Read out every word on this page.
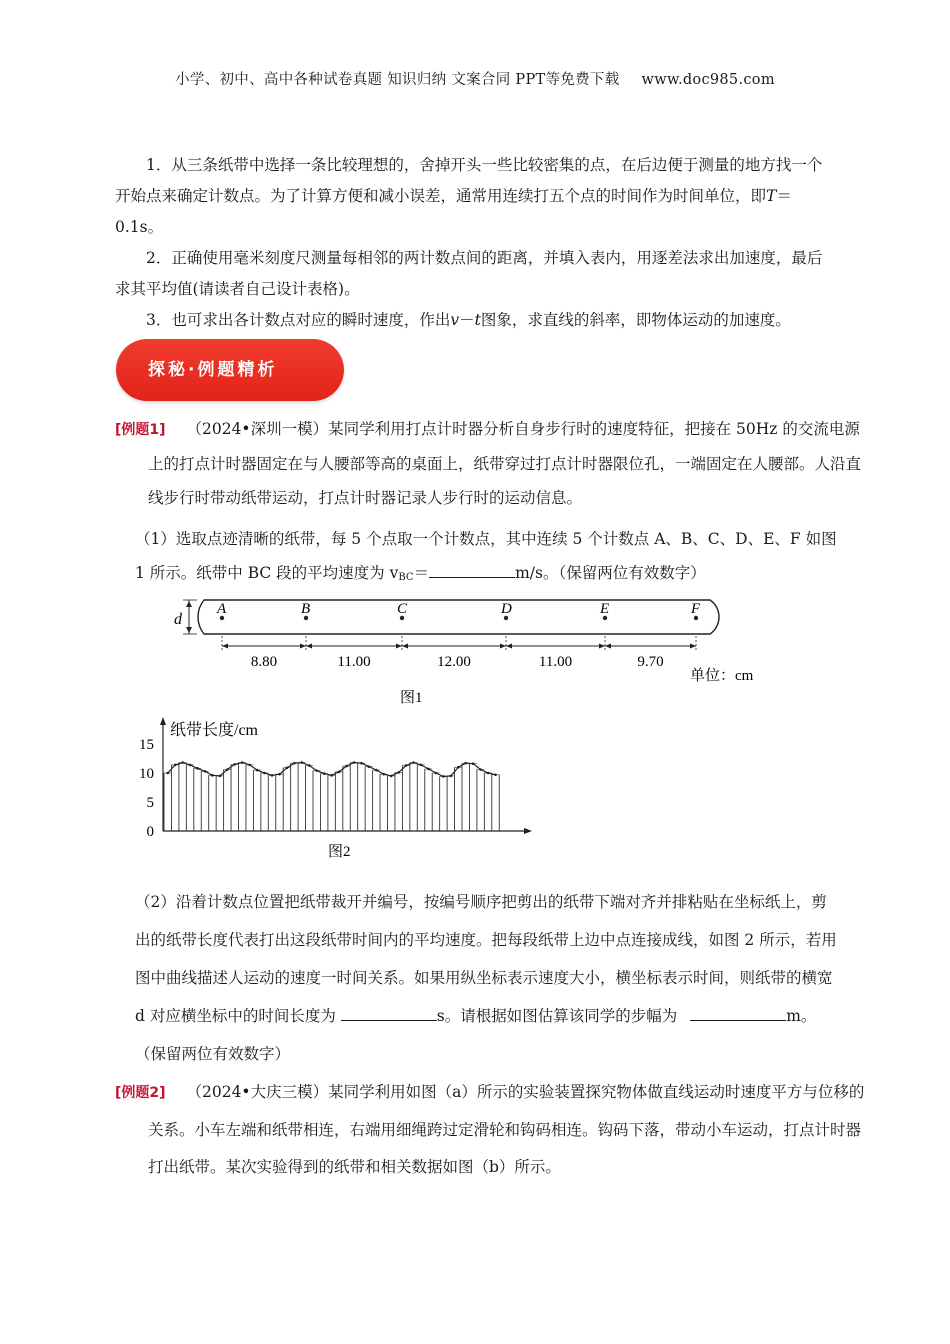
小学、初中、高中各种试卷真题 知识归纳 文案合同 PPT等免费下载 www.doc985.com
1．从三条纸带中选择一条比较理想的，舍掉开头一些比较密集的点，在后边便于测量的地方找一个开始点来确定计数点。为了计算方便和减小误差，通常用连续打五个点的时间作为时间单位，即T＝0.1s。
2．正确使用毫米刻度尺测量每相邻的两计数点间的距离，并填入表内，用逐差法求出加速度，最后求其平均值(请读者自己设计表格)。
3．也可求出各计数点对应的瞬时速度，作出v－t图象，求直线的斜率，即物体运动的加速度。
探秘·例题精析
[例题1] （2024•深圳一模）某同学利用打点计时器分析自身步行时的速度特征，把接在 50Hz 的交流电源上的打点计时器固定在与人腰部等高的桌面上，纸带穿过打点计时器限位孔，一端固定在人腰部。人沿直线步行时带动纸带运动，打点计时器记录人步行时的运动信息。
（1）选取点迹清晰的纸带，每 5 个点取一个计数点，其中连续 5 个计数点 A、B、C、D、E、F 如图 1 所示。纸带中 BC 段的平均速度为 $v_{BC}=$	m/s。（保留两位有效数字）
d
A	B	C	D	E	F
8.80	11.00	12.00	11.00	9.70
单位：cm
图1
15
10
5
0
纸带长度/cm
图2
（2）沿着计数点位置把纸带裁开并编号，按编号顺序把剪出的纸带下端对齐并排粘贴在坐标纸上，剪出的纸带长度代表打出这段纸带时间内的平均速度。把每段纸带上边中点连接成线，如图 2 所示，若用图中曲线描述人运动的速度一时间关系。如果用纵坐标表示速度大小，横坐标表示时间，则纸带的横宽 d 对应横坐标中的时间长度为	s。请根据如图估算该同学的步幅为	m。（保留两位有效数字）
[例题2] （2024•大庆三模）某同学利用如图（a）所示的实验装置探究物体做直线运动时速度平方与位移的关系。小车左端和纸带相连，右端用细绳跨过定滑轮和钩码相连。钩码下落，带动小车运动，打点计时器打出纸带。某次实验得到的纸带和相关数据如图（b）所示。
